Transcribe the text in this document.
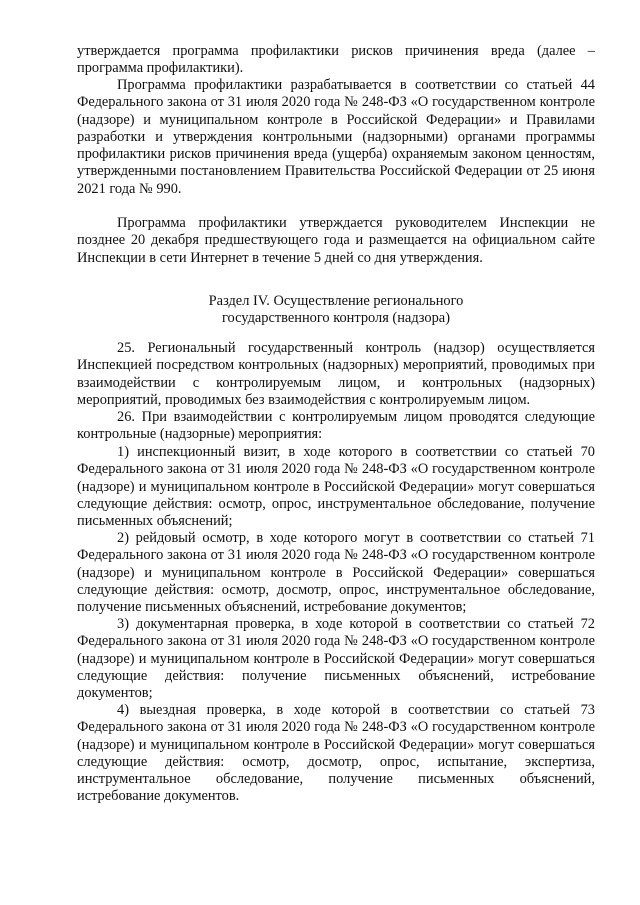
утверждается программа профилактики рисков причинения вреда (далее – программа профилактики).

Программа профилактики разрабатывается в соответствии со статьей 44 Федерального закона от 31 июля 2020 года № 248-ФЗ «О государственном контроле (надзоре) и муниципальном контроле в Российской Федерации» и Правилами разработки и утверждения контрольными (надзорными) органами программы профилактики рисков причинения вреда (ущерба) охраняемым законом ценностям, утвержденными постановлением Правительства Российской Федерации от 25 июня 2021 года № 990.

Программа профилактики утверждается руководителем Инспекции не позднее 20 декабря предшествующего года и размещается на официальном сайте Инспекции в сети Интернет в течение 5 дней со дня утверждения.

Раздел IV. Осуществление регионального
государственного контроля (надзора)

25. Региональный государственный контроль (надзор) осуществляется Инспекцией посредством контрольных (надзорных) мероприятий, проводимых при взаимодействии с контролируемым лицом, и контрольных (надзорных) мероприятий, проводимых без взаимодействия с контролируемым лицом.

26. При взаимодействии с контролируемым лицом проводятся следующие контрольные (надзорные) мероприятия:

1) инспекционный визит, в ходе которого в соответствии со статьей 70 Федерального закона от 31 июля 2020 года № 248-ФЗ «О государственном контроле (надзоре) и муниципальном контроле в Российской Федерации» могут совершаться следующие действия: осмотр, опрос, инструментальное обследование, получение письменных объяснений;

2) рейдовый осмотр, в ходе которого могут в соответствии со статьей 71 Федерального закона от 31 июля 2020 года № 248-ФЗ «О государственном контроле (надзоре) и муниципальном контроле в Российской Федерации» совершаться следующие действия: осмотр, досмотр, опрос, инструментальное обследование, получение письменных объяснений, истребование документов;

3) документарная проверка, в ходе которой в соответствии со статьей 72 Федерального закона от 31 июля 2020 года № 248-ФЗ «О государственном контроле (надзоре) и муниципальном контроле в Российской Федерации» могут совершаться следующие действия: получение письменных объяснений, истребование документов;

4) выездная проверка, в ходе которой в соответствии со статьей 73 Федерального закона от 31 июля 2020 года № 248-ФЗ «О государственном контроле (надзоре) и муниципальном контроле в Российской Федерации» могут совершаться следующие действия: осмотр, досмотр, опрос, испытание, экспертиза, инструментальное обследование, получение письменных объяснений, истребование документов.
